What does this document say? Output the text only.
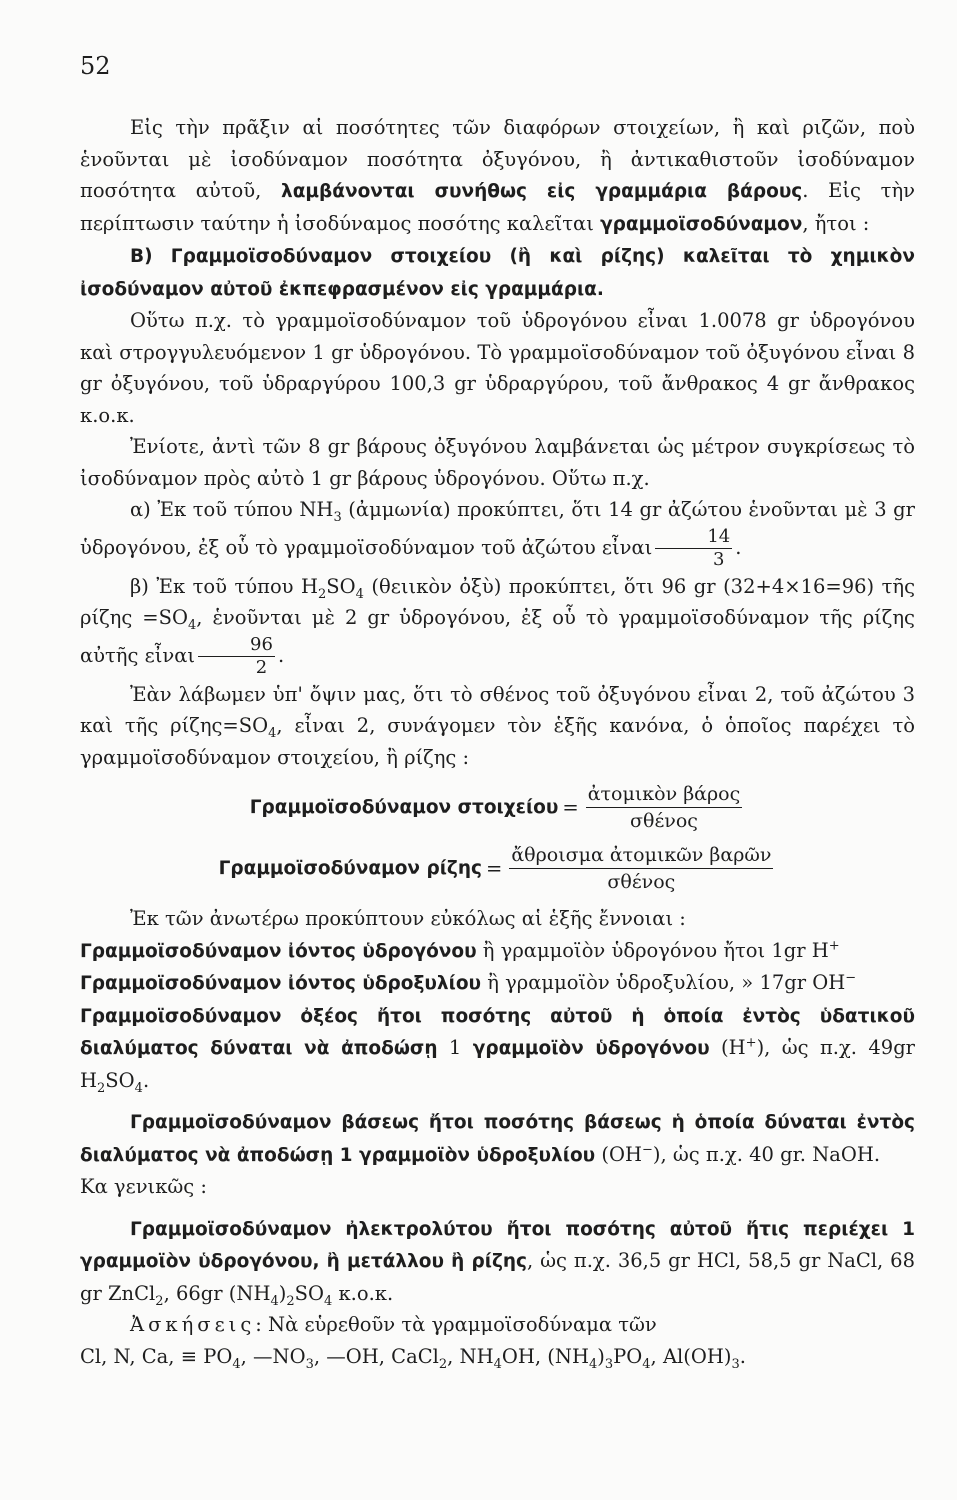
52

Εἰς τὴν πρᾶξιν αἱ ποσότητες τῶν διαφόρων στοιχείων, ἢ καὶ ριζῶν, ποὺ ἑνοῦνται μὲ ἰσοδύναμον ποσότητα ὀξυγόνου, ἢ ἀντικαθιστοῦν ἰσοδύναμον ποσότητα αὐτοῦ, λαμβάνονται συνήθως εἰς γραμμάρια βάρους. Εἰς τὴν περίπτωσιν ταύτην ἡ ἰσοδύναμος ποσότης καλεῖται γραμμοϊσοδύναμον, ἤτοι :

Β) Γραμμοϊσοδύναμον στοιχείου (ἢ καὶ ρίζης) καλεῖται τὸ χημικὸν ἰσοδύναμον αὐτοῦ ἐκπεφρασμένον εἰς γραμμάρια.

Οὕτω π.χ. τὸ γραμμοϊσοδύναμον τοῦ ὑδρογόνου εἶναι 1.0078 gr ὑδρογόνου καὶ στρογγυλευόμενον 1 gr ὑδρογόνου. Τὸ γραμμοϊσοδύναμον τοῦ ὀξυγόνου εἶναι 8 gr ὀξυγόνου, τοῦ ὑδραργύρου 100,3 gr ὑδραργύρου, τοῦ ἄνθρακος 4 gr ἄνθρακος κ.ο.κ.

Ἐνίοτε, ἀντὶ τῶν 8 gr βάρους ὀξυγόνου λαμβάνεται ὡς μέτρον συγκρίσεως τὸ ἰσοδύναμον πρὸς αὐτὸ 1 gr βάρους ὑδρογόνου. Οὕτω π.χ.

α) Ἐκ τοῦ τύπου $NH_3$ (ἀμμωνία) προκύπτει, ὅτι 14 gr ἀζώτου ἑνοῦνται μὲ 3 gr ὑδρογόνου, ἐξ οὗ τὸ γραμμοϊσοδύναμον τοῦ ἀζώτου εἶναι $\frac{14}{3}$ .

β) Ἐκ τοῦ τύπου $H_2SO_4$ (θειικὸν ὀξὺ) προκύπτει, ὅτι 96 gr (32+4×16=96) τῆς $\rho ί\zeta\eta\varsigma =SO_4$, ἑνοῦνται μὲ 2 gr ὑδρογόνου, ἐξ οὗ τὸ γραμμοϊσοδύναμον τῆς ρίζης αὐτῆς εἶναι $\frac{96}{2}$ .

Ἐὰν λάβωμεν ὑπ' ὄψιν μας, ὅτι τὸ σθένος τοῦ ὀξυγόνου εἶναι 2, τοῦ ἀζώτου 3 καὶ τῆς $\rho ί\zeta\eta\varsigma=SO_4$, εἶναι 2, συνάγομεν τὸν ἑξῆς κανόνα, ὁ ὁποῖος παρέχει τὸ γραμμοϊσοδύναμον στοιχείου, ἢ ρίζης :

Γραμμοϊσοδύναμον $\sigma\tau o\iota\chi\varepsilon ίo\upsilon = \frac{\text{ἀτομικὸν βάρος}}{\text{σθένος}}$
Γραμμοϊσοδύναμον $\rho ί\zeta\eta\varsigma = \frac{\text{ἄθροισμα ἀτομικῶν βαρῶν}}{\text{σθένος}}$

Ἐκ τῶν ἀνωτέρω προκύπτουν εὐκόλως αἱ ἑξῆς ἔννοιαι :

Γραμμοϊσοδύναμον ἰόντος ὑδρογόνου ἢ γραμμοϊὸν ὑδρογόνου ἤτοι 1gr H+

Γραμμοϊσοδύναμον ἰόντος ὑδροξυλίου ἢ γραμμοϊὸν ὑδροξυλίου, » 17gr OH−

Γραμμοϊσοδύναμον ὀξέος ἤτοι ποσότης αὐτοῦ ἡ ὁποία ἐντὸς ὑδατικοῦ διαλύματος δύναται νὰ ἀποδώσῃ 1 γραμμοϊὸν ὑδρογόνου (H+), ὡς π.χ. 49gr $H_2SO_4$.

Γραμμοϊσοδύναμον βάσεως ἤτοι ποσότης βάσεως ἡ ὁποία δύναται ἐντὸς διαλύματος νὰ ἀποδώσῃ 1 γραμμοϊὸν ὑδροξυλίου (OH−), ὡς π.χ. 40 gr. NaOH.

Κα γενικῶς :

Γραμμοϊσοδύναμον ἠλεκτρολύτου ἤτοι ποσότης αὐτοῦ ἤτις περιέχει 1 γραμμοϊὸν ὑδρογόνου, ἢ μετάλλου ἢ ρίζης, ὡς π.χ. 36,5 gr HCl, 58,5 gr NaCl, 68 gr ZnCl$_2$, 66gr $(NH_4)_2SO_4$ κ.ο.κ.

Ἀσκήσεις: Νὰ εὑρεθοῦν τὰ γραμμοϊσοδύναμα τῶν

Cl, N, Ca, ≡ $PO_4$, $—NO_3$, —OH, CaCl$_2$, $NH_4OH$, $(NH_4)_3PO_4$, $Al(OH)_3$.
